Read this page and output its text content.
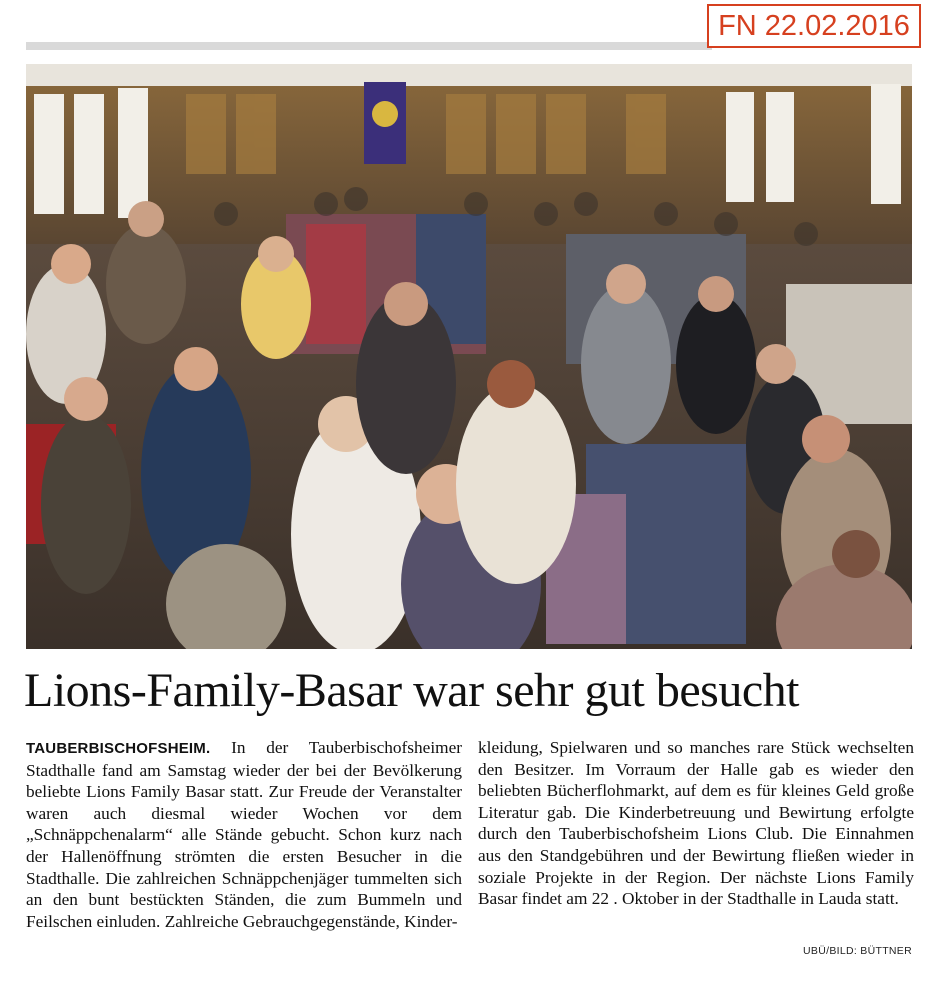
FN 22.02.2016
Lions-Family-Basar war sehr gut besucht

TAUBERBISCHOFSHEIM. In der Tauberbischofsheimer Stadthalle fand am Samstag wieder der bei der Bevölkerung beliebte Lions Family Basar statt. Zur Freude der Veranstalter waren auch diesmal wieder Wochen vor dem „Schnäppchenalarm“ alle Stände gebucht. Schon kurz nach der Hallenöffnung strömten die ersten Besucher in die Stadthalle. Die zahlreichen Schnäppchenjäger tummelten sich an den bunt bestückten Ständen, die zum Bummeln und Feilschen einluden. Zahlreiche Gebrauchgegenstände, Kinder-

kleidung, Spielwaren und so manches rare Stück wechselten den Besitzer. Im Vorraum der Halle gab es wieder den beliebten Bücherflohmarkt, auf dem es für kleines Geld große Literatur gab. Die Kinderbetreuung und Bewirtung erfolgte durch den Tauberbischofsheim Lions Club. Die Einnahmen aus den Standgebühren und der Bewirtung fließen wieder in soziale Projekte in der Region. Der nächste Lions Family Basar findet am 22 . Oktober in der Stadthalle in Lauda statt.

UBÜ/BILD: BÜTTNER
